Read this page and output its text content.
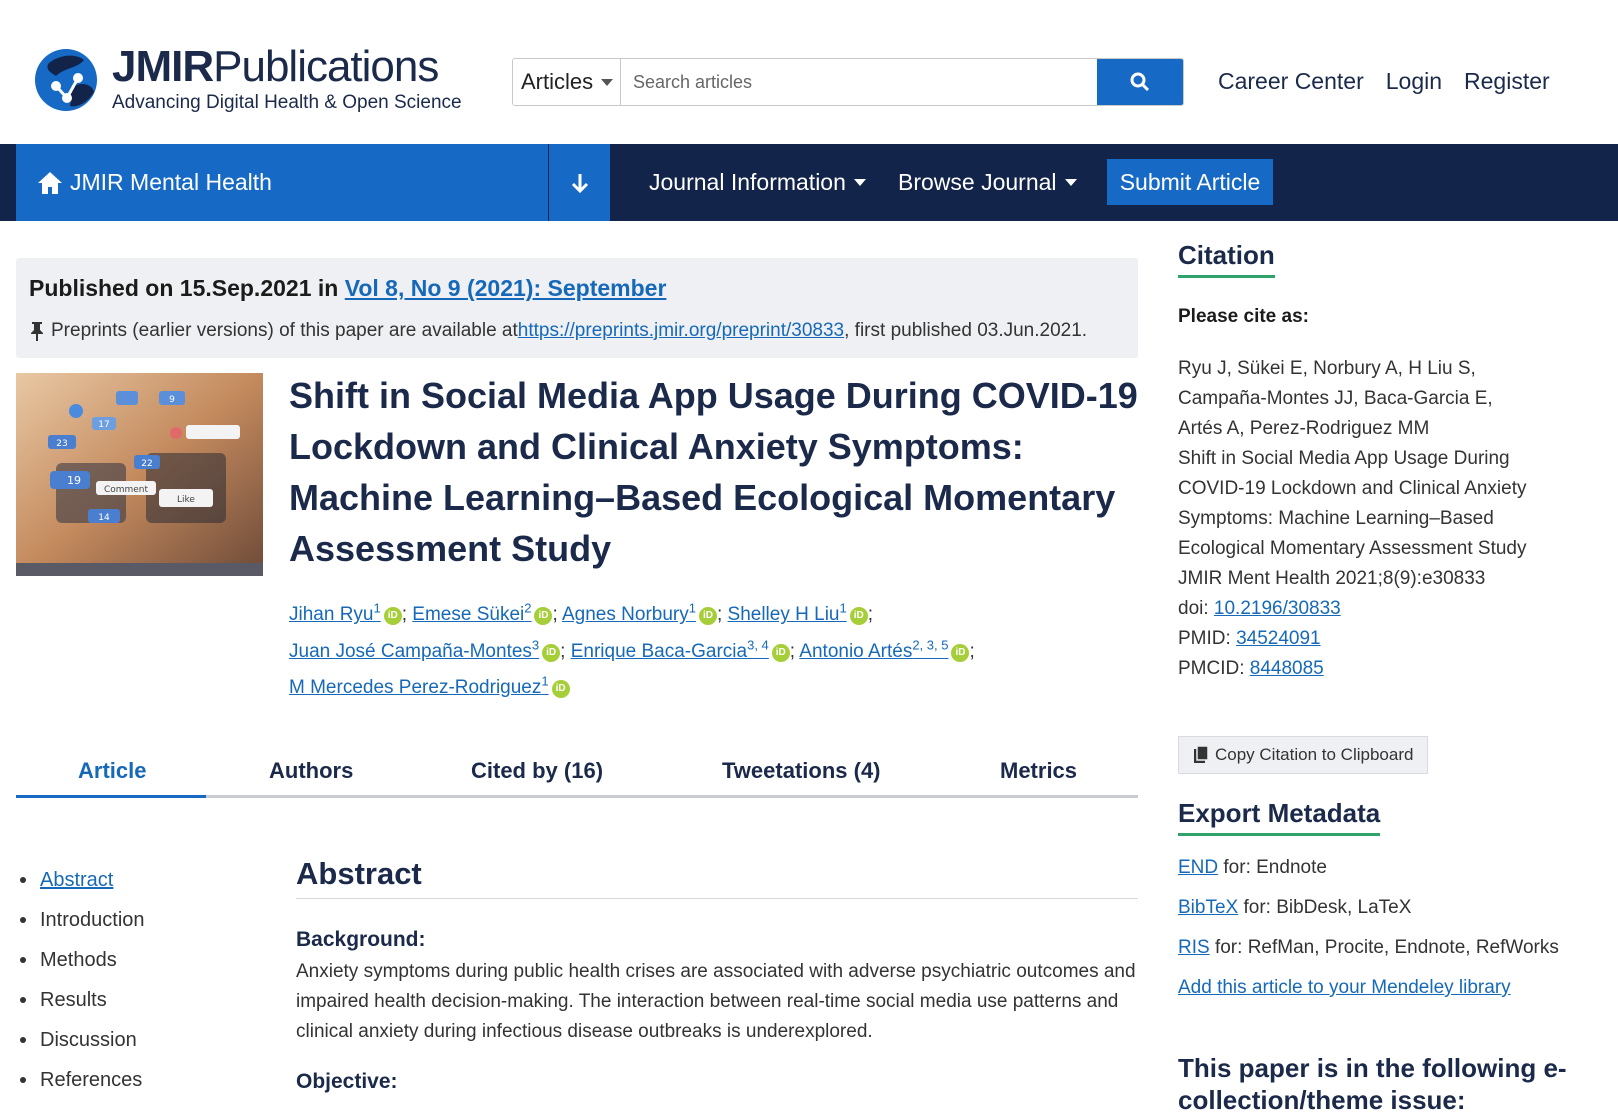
JMIRPublications
Advancing Digital Health & Open Science
Articles
Search articles	Career Center Login Register
JMIR Mental Health	Journal Information Browse Journal	Submit Article
Published on 15.Sep.2021 in Vol 8, No 9 (2021): September
Preprints (earlier versions) of this paper are available at https://preprints.jmir.org/preprint/30833 , first published 03.Jun.2021.
9
17
23
22
19
Comment
Like
14
Shift in Social Media App Usage During COVID-19 Lockdown and Clinical Anxiety Symptoms: Machine Learning–Based Ecological Momentary Assessment Study
Jihan Ryu$^1$ iD ; Emese Sükei$^2$ iD ; Agnes Norbury$^1$ iD ; Shelley H Liu$^1$ iD ;
Juan José Campaña-Montes$^3$ iD ; Enrique Baca-Garcia$^{3, 4}$ iD ; Antonio Artés$^{2, 3, 5}$ iD ;
M Mercedes Perez-Rodriguez$^1$ iD
Article	Authors	Cited by (16)	Tweetations (4)	Metrics
Abstract
Introduction
Methods
Results
Discussion
References
Abstract
Background:

Anxiety symptoms during public health crises are associated with adverse psychiatric outcomes and impaired health decision-making. The interaction between real-time social media use patterns and clinical anxiety during infectious disease outbreaks is underexplored.

Objective:
Citation
Please cite as:
Ryu J, Sükei E, Norbury A, H Liu S, Campaña-Montes JJ, Baca-Garcia E, Artés A, Perez-Rodriguez MM
Shift in Social Media App Usage During COVID-19 Lockdown and Clinical Anxiety Symptoms: Machine Learning–Based Ecological Momentary Assessment Study
JMIR Ment Health 2021;8(9):e30833
doi: 10.2196/30833
PMID: 34524091
PMCID: 8448085
Copy Citation to Clipboard
Export Metadata
END for: Endnote
BibTeX for: BibDesk, LaTeX
RIS for: RefMan, Procite, Endnote, RefWorks
Add this article to your Mendeley library
This paper is in the following e-collection/theme issue:
